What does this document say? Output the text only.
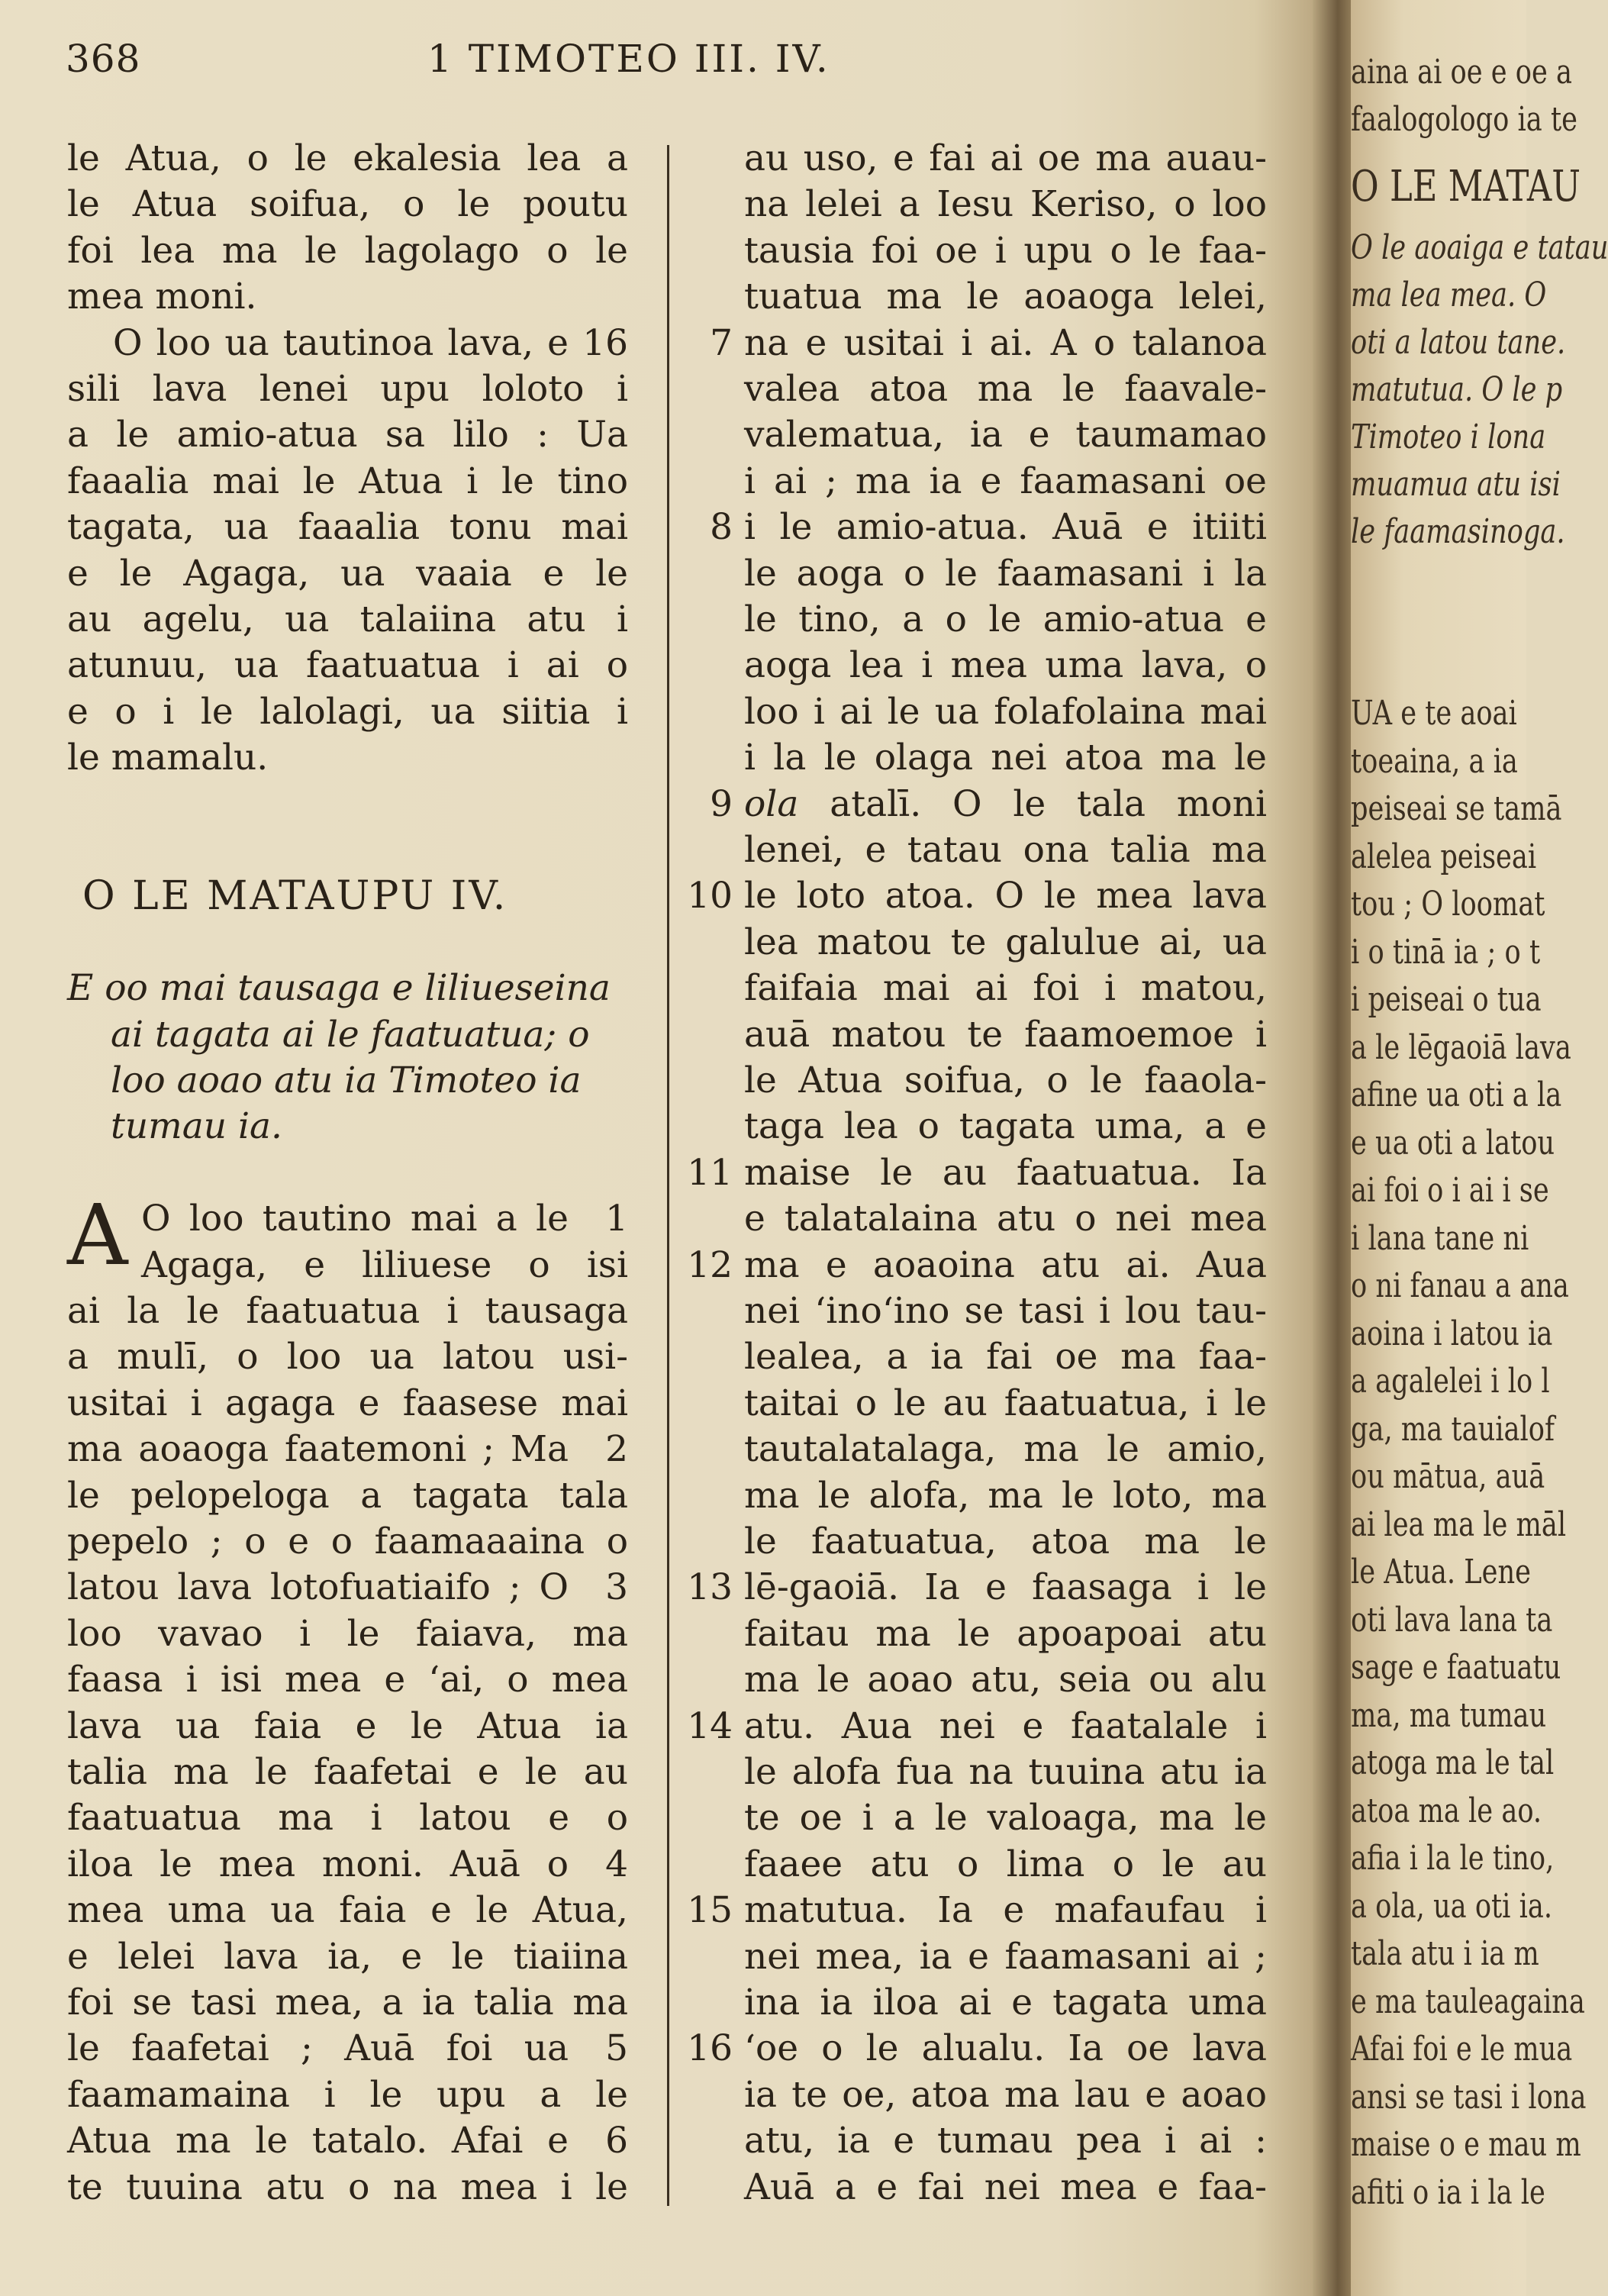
368	1 TIMOTEO III. IV.
le Atua, o le ekalesia lea a
le Atua soifua, o le poutu
foi lea ma le lagolago o le
mea moni.
O loo ua tautinoa lava, e 16
sili lava lenei upu loloto i
a le amio-atua sa lilo : Ua
faaalia mai le Atua i le tino
tagata, ua faaalia tonu mai
e le Agaga, ua vaaia e le
au agelu, ua talaiina atu i
atunuu, ua faatuatua i ai o
e o i le lalolagi, ua siitia i
le mamalu.
O LE MATAUPU IV.
E oo mai tausaga e liliueseina
ai tagata ai le faatuatua; o
loo aoao atu ia Timoteo ia
tumau ia.
A O loo tautino mai a le	1
Agaga, e liliuese o isi
ai la le faatuatua i tausaga
a mulī, o loo ua latou usi-
usitai i agaga e faasese mai
ma aoaoga faatemoni ; Ma	2
le pelopeloga a tagata tala
pepelo ; o e o faamaaaina o
latou lava lotofuatiaifo ; O	3
loo vavao i le faiava, ma
faasa i isi mea e ʻai, o mea
lava ua faia e le Atua ia
talia ma le faafetai e le au
faatuatua ma i latou e o
iloa le mea moni. Auā o	4
mea uma ua faia e le Atua,
e lelei lava ia, e le tiaiina
foi se tasi mea, a ia talia ma
le faafetai ; Auā foi ua	5
faamamaina i le upu a le
Atua ma le tatalo. Afai e	6
te tuuina atu o na mea i le
au uso, e fai ai oe ma auau-
na lelei a Iesu Keriso, o loo
tausia foi oe i upu o le faa-
tuatua ma le aoaoga lelei,
na e usitai i ai. A o talanoa
7
valea atoa ma le faavale-
valematua, ia e taumamao
i ai ; ma ia e faamasani oe
i le amio-atua. Auā e itiiti
8
le aoga o le faamasani i la
le tino, a o le amio-atua e
aoga lea i mea uma lava, o
loo i ai le ua folafolaina mai
i la le olaga nei atoa ma le
ola atalī. O le tala moni
9
lenei, e tatau ona talia ma
le loto atoa. O le mea lava
10
lea matou te galulue ai, ua
faifaia mai ai foi i matou,
auā matou te faamoemoe i
le Atua soifua, o le faaola-
taga lea o tagata uma, a e
maise le au faatuatua. Ia
11
e talatalaina atu o nei mea
ma e aoaoina atu ai. Aua
12
nei ʻinoʻino se tasi i lou tau-
lealea, a ia fai oe ma faa-
taitai o le au faatuatua, i le
tautalatalaga, ma le amio,
ma le alofa, ma le loto, ma
le faatuatua, atoa ma le
lē-gaoiā. Ia e faasaga i le
13
faitau ma le apoapoai atu
ma le aoao atu, seia ou alu
atu. Aua nei e faatalale i
14
le alofa fua na tuuina atu ia
te oe i a le valoaga, ma le
faaee atu o lima o le au
matutua. Ia e mafaufau i
15
nei mea, ia e faamasani ai ;
ina ia iloa ai e tagata uma
ʻoe o le alualu. Ia oe lava
16
ia te oe, atoa ma lau e aoao
atu, ia e tumau pea i ai :
Auā a e fai nei mea e faa-
aina ai oe e oe a
faalogologo ia te
O LE MATAU
O le aoaiga e tatau
ma lea mea. O
oti a latou tane.
matutua. O le p
Timoteo i lona
muamua atu isi
le faamasinoga.
UA e te aoai
toeaina, a ia
peiseai se tamā
alelea peiseai
tou ; O loomat
i o tinā ia ; o t
i peiseai o tua
a le lēgaoiā lava
afine ua oti a la
e ua oti a latou
ai foi o i ai i se
i lana tane ni
o ni fanau a ana
aoina i latou ia
a agalelei i lo l
ga, ma tauialof
ou mātua, auā
ai lea ma le māl
le Atua. Lene
oti lava lana ta
sage e faatuatu
ma, ma tumau
atoga ma le tal
atoa ma le ao.
afia i la le tino,
a ola, ua oti ia.
tala atu i ia m
e ma tauleagaina
Afai foi e le mua
ansi se tasi i lona
maise o e mau m
afiti o ia i la le
